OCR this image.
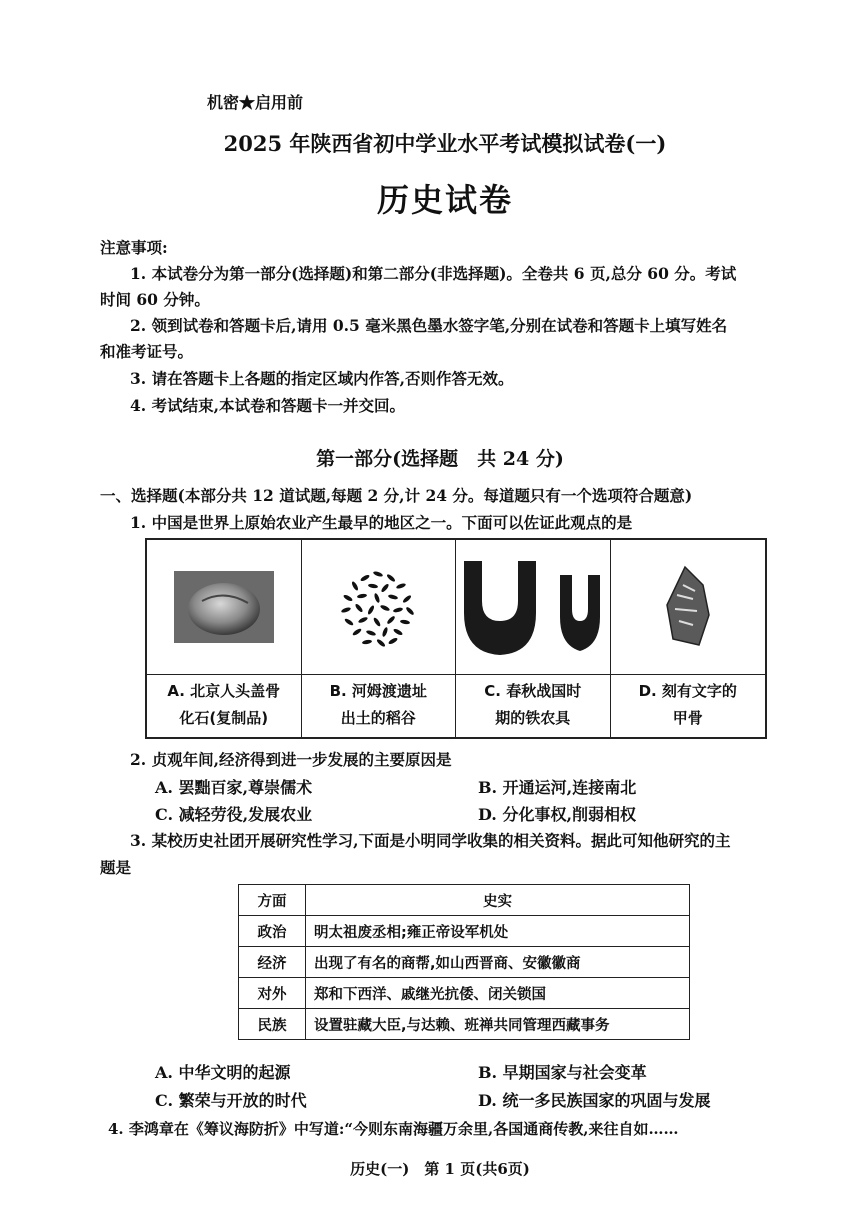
机密★启用前
2025 年陕西省初中学业水平考试模拟试卷(一)
历史试卷
注意事项:
1. 本试卷分为第一部分(选择题)和第二部分(非选择题)。全卷共 6 页,总分 60 分。考试
时间 60 分钟。
2. 领到试卷和答题卡后,请用 0.5 毫米黑色墨水签字笔,分别在试卷和答题卡上填写姓名
和准考证号。
3. 请在答题卡上各题的指定区域内作答,否则作答无效。
4. 考试结束,本试卷和答题卡一并交回。
第一部分(选择题　共 24 分)
一、选择题(本部分共 12 道试题,每题 2 分,计 24 分。每道题只有一个选项符合题意)
1. 中国是世界上原始农业产生最早的地区之一。下面可以佐证此观点的是
A. 北京人头盖骨
化石(复制品)
B. 河姆渡遗址
出土的稻谷
C. 春秋战国时
期的铁农具
D. 刻有文字的
甲骨
2. 贞观年间,经济得到进一步发展的主要原因是
A. 罢黜百家,尊崇儒术	B. 开通运河,连接南北
C. 减轻劳役,发展农业	D. 分化事权,削弱相权
3. 某校历史社团开展研究性学习,下面是小明同学收集的相关资料。据此可知他研究的主
题是
方面	史实
政治	明太祖废丞相;雍正帝设军机处
经济	出现了有名的商帮,如山西晋商、安徽徽商
对外	郑和下西洋、戚继光抗倭、闭关锁国
民族	设置驻藏大臣,与达赖、班禅共同管理西藏事务
A. 中华文明的起源	B. 早期国家与社会变革
C. 繁荣与开放的时代	D. 统一多民族国家的巩固与发展
4. 李鸿章在《筹议海防折》中写道:“今则东南海疆万余里,各国通商传教,来往自如……
历史(一)　第 1 页(共6页)
